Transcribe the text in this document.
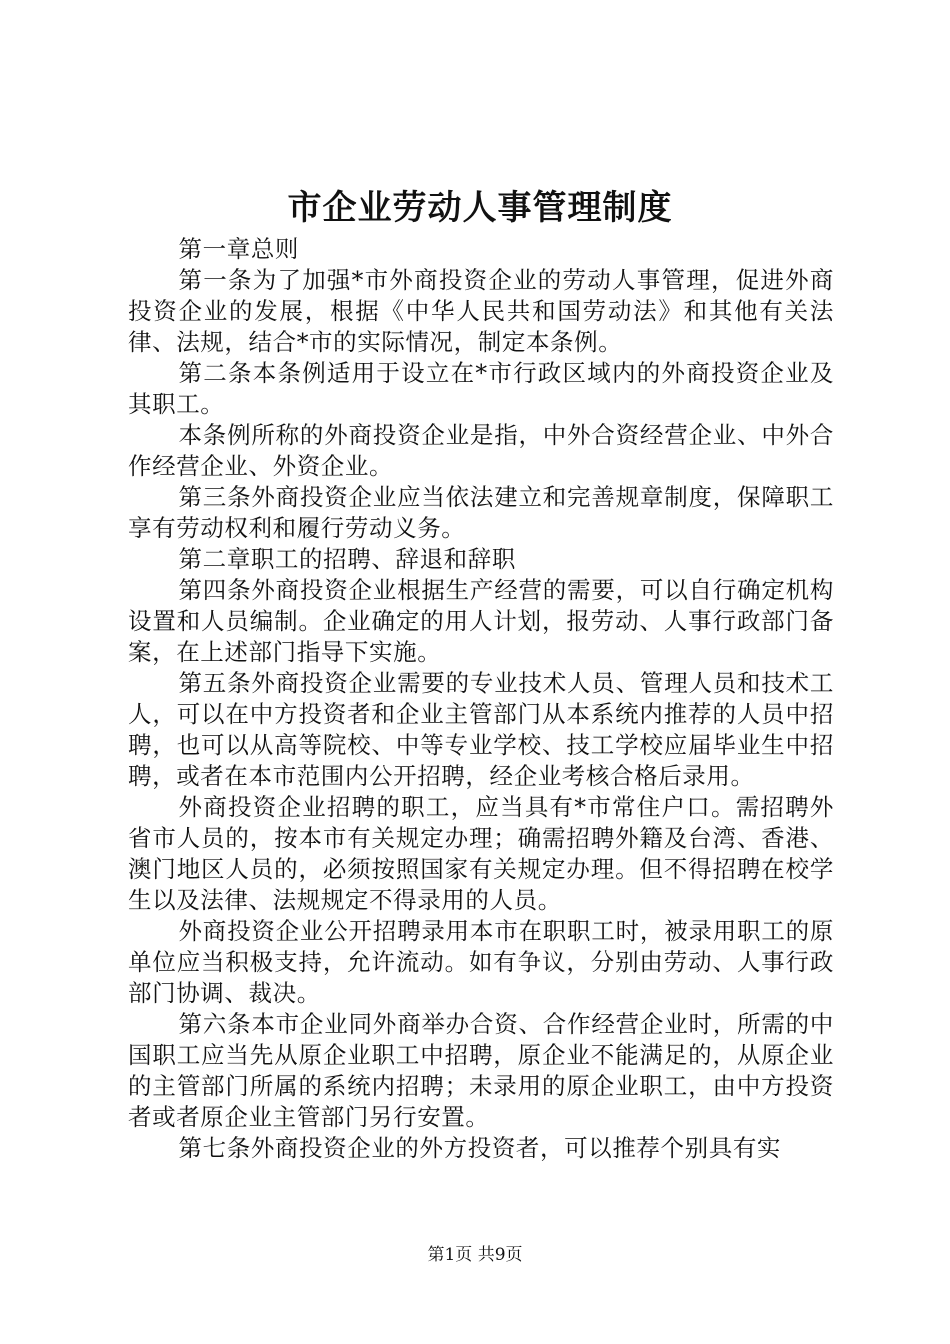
市企业劳动人事管理制度

第一章总则

第一条为了加强*市外商投资企业的劳动人事管理，促进外商投资企业的发展，根据《中华人民共和国劳动法》和其他有关法律、法规，结合*市的实际情况，制定本条例。

第二条本条例适用于设立在*市行政区域内的外商投资企业及其职工。

本条例所称的外商投资企业是指，中外合资经营企业、中外合作经营企业、外资企业。

第三条外商投资企业应当依法建立和完善规章制度，保障职工享有劳动权利和履行劳动义务。

第二章职工的招聘、辞退和辞职

第四条外商投资企业根据生产经营的需要，可以自行确定机构设置和人员编制。企业确定的用人计划，报劳动、人事行政部门备案，在上述部门指导下实施。

第五条外商投资企业需要的专业技术人员、管理人员和技术工人，可以在中方投资者和企业主管部门从本系统内推荐的人员中招聘，也可以从高等院校、中等专业学校、技工学校应届毕业生中招聘，或者在本市范围内公开招聘，经企业考核合格后录用。

外商投资企业招聘的职工，应当具有*市常住户口。需招聘外省市人员的，按本市有关规定办理；确需招聘外籍及台湾、香港、澳门地区人员的，必须按照国家有关规定办理。但不得招聘在校学生以及法律、法规规定不得录用的人员。

外商投资企业公开招聘录用本市在职职工时，被录用职工的原单位应当积极支持，允许流动。如有争议，分别由劳动、人事行政部门协调、裁决。

第六条本市企业同外商举办合资、合作经营企业时，所需的中国职工应当先从原企业职工中招聘，原企业不能满足的，从原企业的主管部门所属的系统内招聘；未录用的原企业职工，由中方投资者或者原企业主管部门另行安置。

第七条外商投资企业的外方投资者，可以推荐个别具有实

第1页 共9页
